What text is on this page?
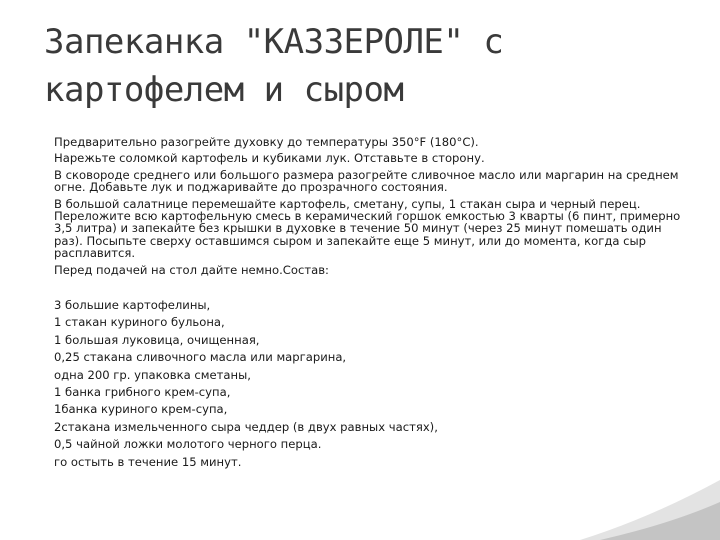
Запеканка "КАЗЗЕРОЛЕ" с
картофелем и сыром

Предварительно разогрейте духовку до температуры 350°F (180°C).

Нарежьте соломкой картофель и кубиками лук. Отставьте в сторону.

В сковороде среднего или большого размера разогрейте сливочное масло или маргарин на среднем огне. Добавьте лук и поджаривайте до прозрачного состояния.

В большой салатнице перемешайте картофель, сметану, супы, 1 стакан сыра и черный перец. Переложите всю картофельную смесь в керамический горшок емкостью 3 кварты (6 пинт, примерно 3,5 литра) и запекайте без крышки в духовке в течение 50 минут (через 25 минут помешать один раз). Посыпьте сверху оставшимся сыром и запекайте еще 5 минут, или до момента, когда сыр расплавится.

Перед подачей на стол дайте немно.Состав:

3 большие картофелины,

1 стакан куриного бульона,

1 большая луковица, очищенная,

0,25 стакана сливочного масла или маргарина,

одна 200 гр. упаковка сметаны,

1 банка грибного крем-супа,

1банка куриного крем-супа,

2стакана измельченного сыра чеддер (в двух равных частях),

0,5 чайной ложки молотого черного перца.

го остыть в течение 15 минут.
